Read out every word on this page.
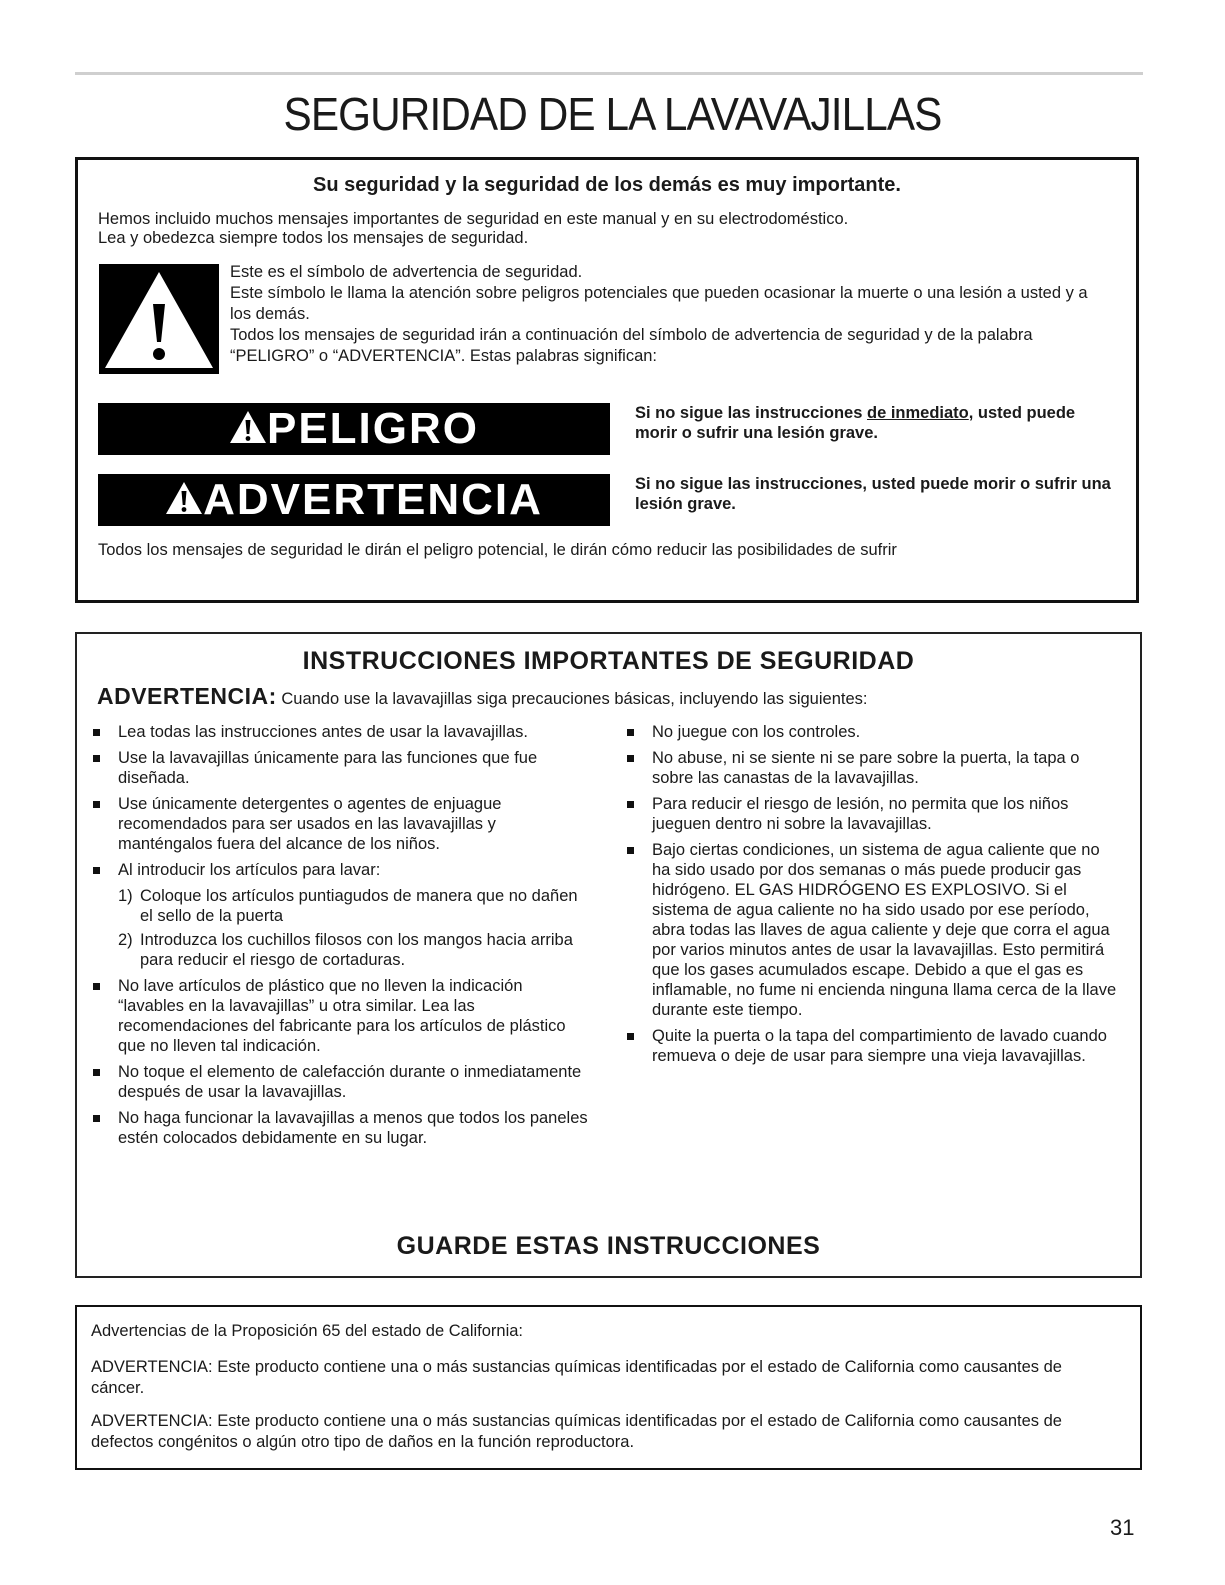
SEGURIDAD DE LA LAVAVAJILLAS
Su seguridad y la seguridad de los demás es muy importante.
Hemos incluido muchos mensajes importantes de seguridad en este manual y en su electrodoméstico.
Lea y obedezca siempre todos los mensajes de seguridad.
Este es el símbolo de advertencia de seguridad.
Este símbolo le llama la atención sobre peligros potenciales que pueden ocasionar la muerte o una lesión a usted y a los demás.
Todos los mensajes de seguridad irán a continuación del símbolo de advertencia de seguridad y de la palabra “PELIGRO” o “ADVERTENCIA”. Estas palabras significan:
PELIGRO	Si no sigue las instrucciones de inmediato, usted puede morir o sufrir una lesión grave.
ADVERTENCIA	Si no sigue las instrucciones, usted puede morir o sufrir una lesión grave.
Todos los mensajes de seguridad le dirán el peligro potencial, le dirán cómo reducir las posibilidades de sufrir
INSTRUCCIONES IMPORTANTES DE SEGURIDAD
ADVERTENCIA: Cuando use la lavavajillas siga precauciones básicas, incluyendo las siguientes:
Lea todas las instrucciones antes de usar la lavavajillas.
Use la lavavajillas únicamente para las funciones que fue diseñada.
Use únicamente detergentes o agentes de enjuague recomendados para ser usados en las lavavajillas y manténgalos fuera del alcance de los niños.
Al introducir los artículos para lavar:
1) Coloque los artículos puntiagudos de manera que no dañen el sello de la puerta
2) Introduzca los cuchillos filosos con los mangos hacia arriba para reducir el riesgo de cortaduras.
No lave artículos de plástico que no lleven la indicación “lavables en la lavavajillas” u otra similar. Lea las recomendaciones del fabricante para los artículos de plástico que no lleven tal indicación.
No toque el elemento de calefacción durante o inmediatamente después de usar la lavavajillas.
No haga funcionar la lavavajillas a menos que todos los paneles estén colocados debidamente en su lugar.
No juegue con los controles.
No abuse, ni se siente ni se pare sobre la puerta, la tapa o sobre las canastas de la lavavajillas.
Para reducir el riesgo de lesión, no permita que los niños jueguen dentro ni sobre la lavavajillas.
Bajo ciertas condiciones, un sistema de agua caliente que no ha sido usado por dos semanas o más puede producir gas hidrógeno. EL GAS HIDRÓGENO ES EXPLOSIVO. Si el sistema de agua caliente no ha sido usado por ese período, abra todas las llaves de agua caliente y deje que corra el agua por varios minutos antes de usar la lavavajillas. Esto permitirá que los gases acumulados escape. Debido a que el gas es inflamable, no fume ni encienda ninguna llama cerca de la llave durante este tiempo.
Quite la puerta o la tapa del compartimiento de lavado cuando remueva o deje de usar para siempre una vieja lavavajillas.
GUARDE ESTAS INSTRUCCIONES
Advertencias de la Proposición 65 del estado de California:
ADVERTENCIA: Este producto contiene una o más sustancias químicas identificadas por el estado de California como causantes de cáncer.
ADVERTENCIA: Este producto contiene una o más sustancias químicas identificadas por el estado de California como causantes de defectos congénitos o algún otro tipo de daños en la función reproductora.
31
